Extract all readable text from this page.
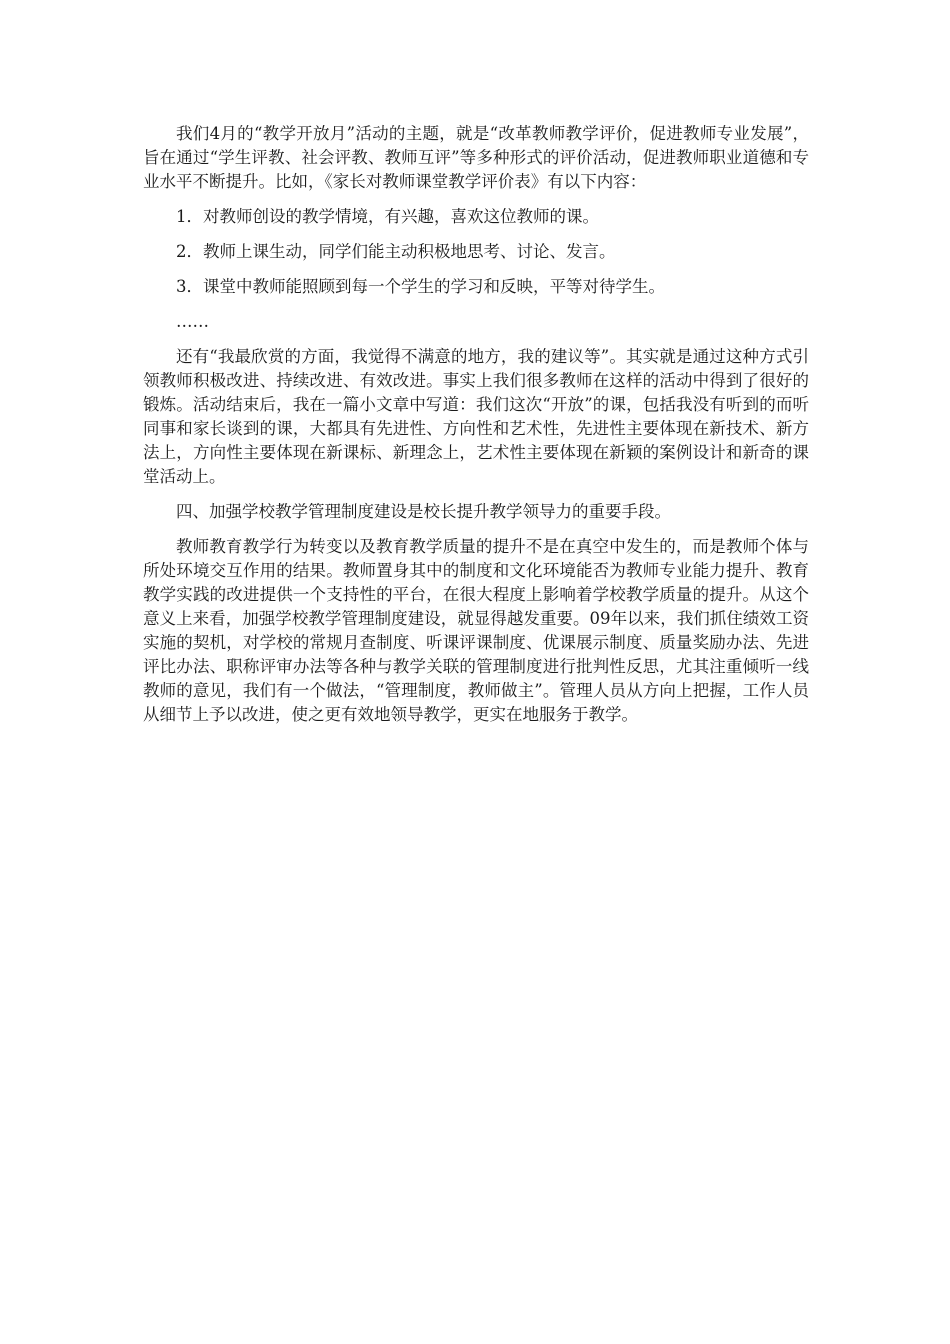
我们4月的“教学开放月”活动的主题，就是“改革教师教学评价，促进教师专业发展”，旨在通过“学生评教、社会评教、教师互评”等多种形式的评价活动，促进教师职业道德和专业水平不断提升。比如，《家长对教师课堂教学评价表》有以下内容：

1．对教师创设的教学情境，有兴趣，喜欢这位教师的课。

2．教师上课生动，同学们能主动积极地思考、讨论、发言。

3．课堂中教师能照顾到每一个学生的学习和反映，平等对待学生。

……

还有“我最欣赏的方面，我觉得不满意的地方，我的建议等”。其实就是通过这种方式引领教师积极改进、持续改进、有效改进。事实上我们很多教师在这样的活动中得到了很好的锻炼。活动结束后，我在一篇小文章中写道：我们这次“开放”的课，包括我没有听到的而听同事和家长谈到的课，大都具有先进性、方向性和艺术性，先进性主要体现在新技术、新方法上，方向性主要体现在新课标、新理念上，艺术性主要体现在新颖的案例设计和新奇的课堂活动上。

四、加强学校教学管理制度建设是校长提升教学领导力的重要手段。

教师教育教学行为转变以及教育教学质量的提升不是在真空中发生的，而是教师个体与所处环境交互作用的结果。教师置身其中的制度和文化环境能否为教师专业能力提升、教育教学实践的改进提供一个支持性的平台，在很大程度上影响着学校教学质量的提升。从这个意义上来看，加强学校教学管理制度建设，就显得越发重要。09年以来，我们抓住绩效工资实施的契机，对学校的常规月查制度、听课评课制度、优课展示制度、质量奖励办法、先进评比办法、职称评审办法等各种与教学关联的管理制度进行批判性反思，尤其注重倾听一线教师的意见，我们有一个做法，“管理制度，教师做主”。管理人员从方向上把握，工作人员从细节上予以改进，使之更有效地领导教学，更实在地服务于教学。
